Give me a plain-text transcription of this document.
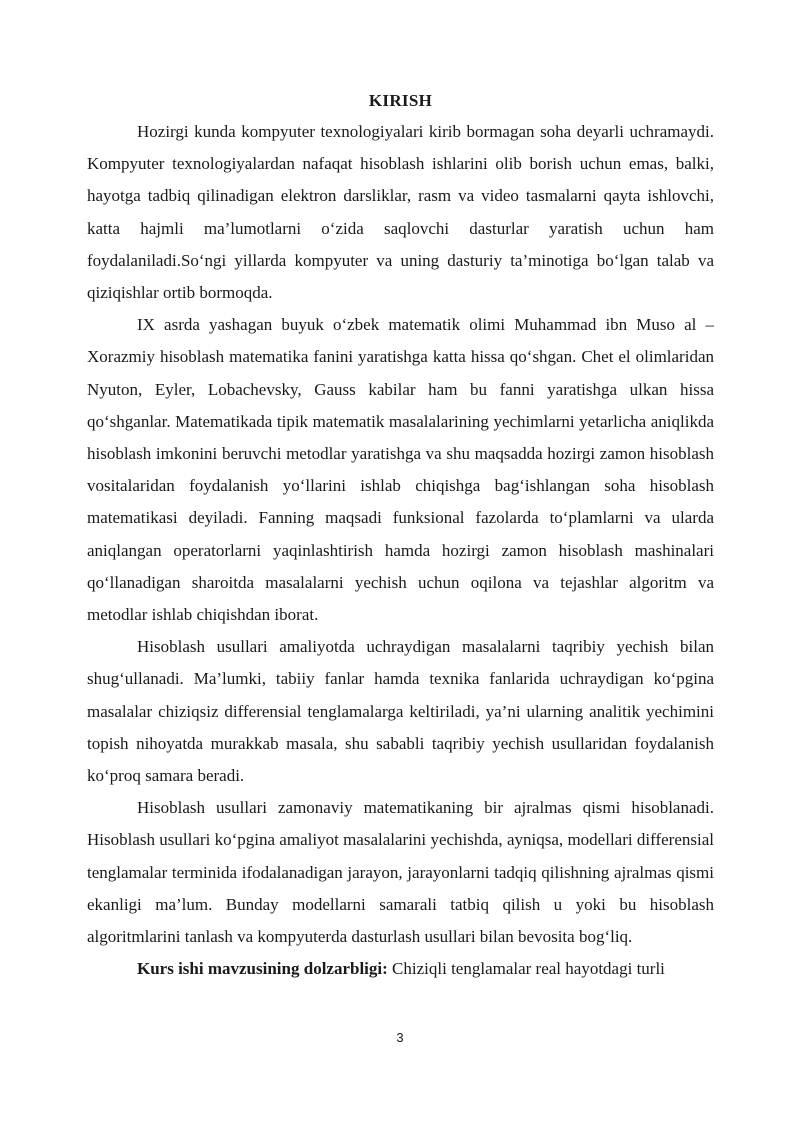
KIRISH

Hozirgi kunda kompyuter texnologiyalari kirib bormagan soha deyarli uchramaydi. Kompyuter texnologiyalardan nafaqat hisoblash ishlarini olib borish uchun emas, balki, hayotga tadbiq qilinadigan elektron darsliklar, rasm va video tasmalarni qayta ishlovchi, katta hajmli ma’lumotlarni o‘zida saqlovchi dasturlar yaratish uchun ham foydalaniladi.So‘ngi yillarda kompyuter va uning dasturiy ta’minotiga bo‘lgan talab va qiziqishlar ortib bormoqda.

IX asrda yashagan buyuk o‘zbek matematik olimi Muhammad ibn Muso al – Xorazmiy hisoblash matematika fanini yaratishga katta hissa qo‘shgan. Chet el olimlaridan Nyuton, Eyler, Lobachevsky, Gauss kabilar ham bu fanni yaratishga ulkan hissa qo‘shganlar. Matematikada tipik matematik masalalarining yechimlarni yetarlicha aniqlikda hisoblash imkonini beruvchi metodlar yaratishga va shu maqsadda hozirgi zamon hisoblash vositalaridan foydalanish yo‘llarini ishlab chiqishga bag‘ishlangan soha hisoblash matematikasi deyiladi. Fanning maqsadi funksional fazolarda to‘plamlarni va ularda aniqlangan operatorlarni yaqinlashtirish hamda hozirgi zamon hisoblash mashinalari qo‘llanadigan sharoitda masalalarni yechish uchun oqilona va tejashlar algoritm va metodlar ishlab chiqishdan iborat.

Hisoblash usullari amaliyotda uchraydigan masalalarni taqribiy yechish bilan shug‘ullanadi. Ma’lumki, tabiiy fanlar hamda texnika fanlarida uchraydigan ko‘pgina masalalar chiziqsiz differensial tenglamalarga keltiriladi, ya’ni ularning analitik yechimini topish nihoyatda murakkab masala, shu sababli taqribiy yechish usullaridan foydalanish ko‘proq samara beradi.

Hisoblash usullari zamonaviy matematikaning bir ajralmas qismi hisoblanadi. Hisoblash usullari ko‘pgina amaliyot masalalarini yechishda, ayniqsa, modellari differensial tenglamalar terminida ifodalanadigan jarayon, jarayonlarni tadqiq qilishning ajralmas qismi ekanligi ma’lum. Bunday modellarni samarali tatbiq qilish u yoki bu hisoblash algoritmlarini tanlash va kompyuterda dasturlash usullari bilan bevosita bog‘liq.

Kurs ishi mavzusining dolzarbligi: Chiziqli tenglamalar real hayotdagi turli

3
